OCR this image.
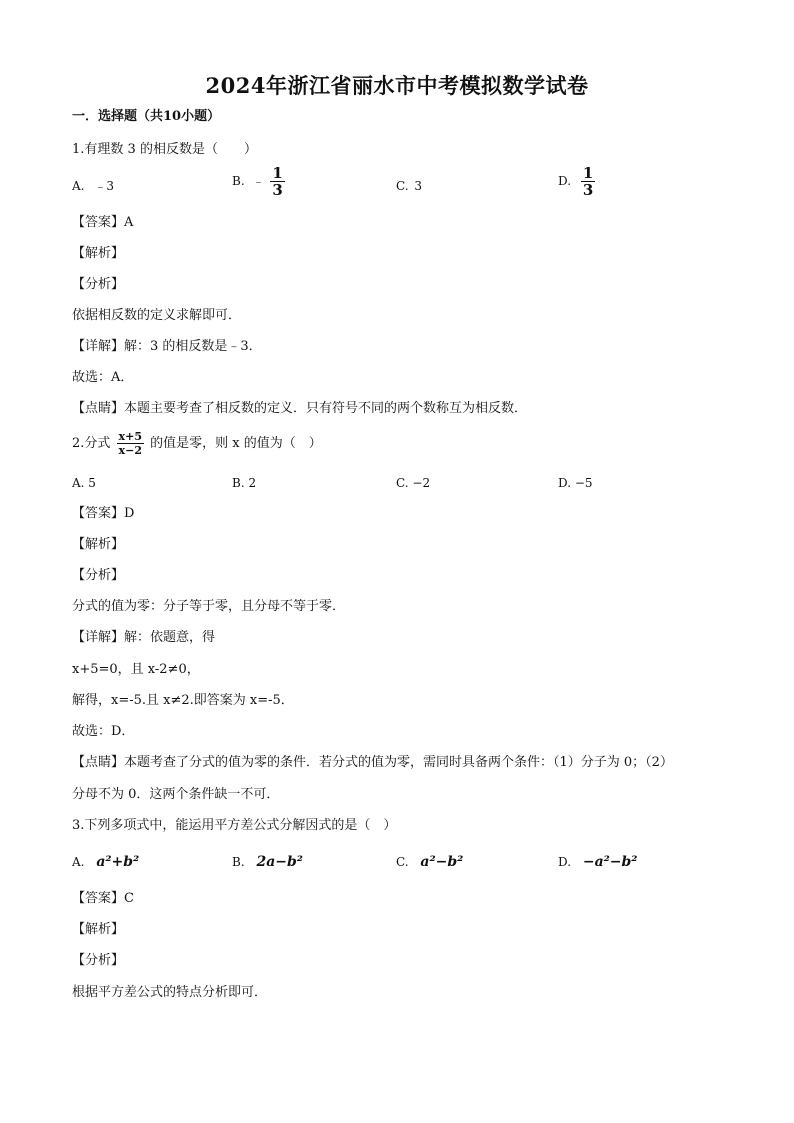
2024年浙江省丽水市中考模拟数学试卷
一．选择题（共10小题）
1.有理数 3 的相反数是（　　）
A. ﹣3	B. ﹣ $\frac{1}{3}$	C. 3	D. $\frac{1}{3}$
【答案】A
【解析】
【分析】
依据相反数的定义求解即可．
【详解】解：3 的相反数是﹣3．
故选：A．
【点睛】本题主要考查了相反数的定义．只有符号不同的两个数称互为相反数．
2.分式 $\frac{x+5}{x-2}$ 的值是零，则 x 的值为（　）
A. 5	B. 2	C. −2	D. −5
【答案】D
【解析】
【分析】
分式的值为零：分子等于零，且分母不等于零．
【详解】解：依题意，得
x+5=0，且 x-2≠0，
解得，x=-5.且 x≠2.即答案为 x=-5．
故选：D．
【点睛】本题考查了分式的值为零的条件．若分式的值为零，需同时具备两个条件：（1）分子为 0；（2）
分母不为 0．这两个条件缺一不可．
3.下列多项式中，能运用平方差公式分解因式的是（　）
A. a²+b²	B. 2a−b²	C. a²−b²	D. −a²−b²
【答案】C
【解析】
【分析】
根据平方差公式的特点分析即可．
